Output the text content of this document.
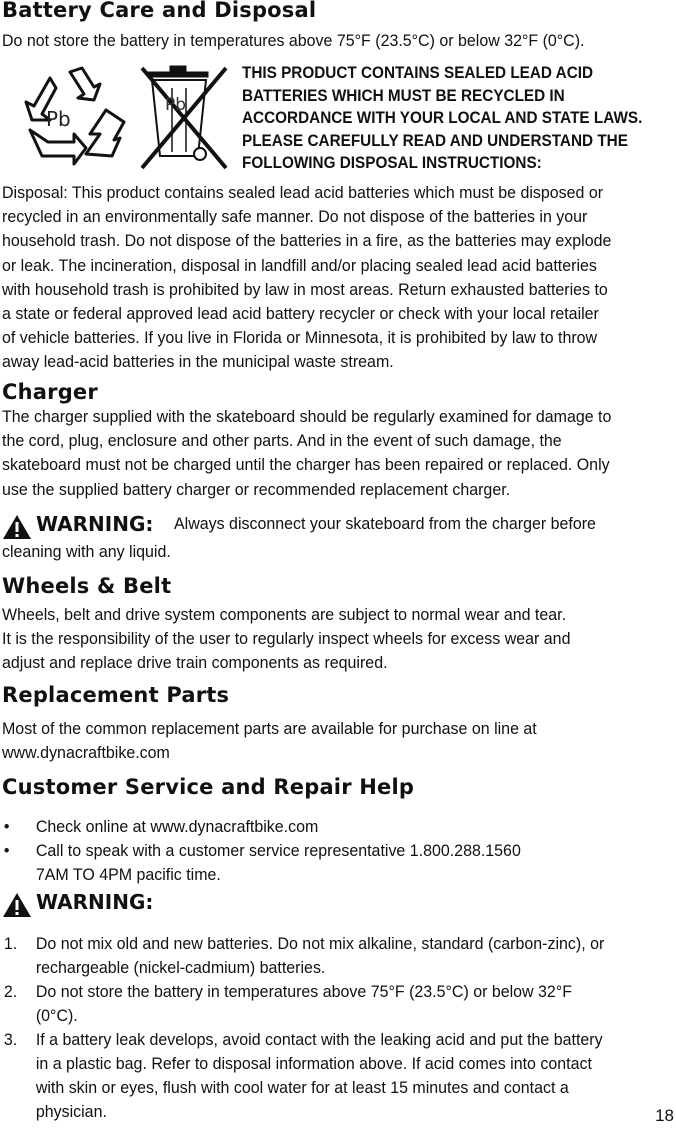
Battery Care and Disposal

Do not store the battery in temperatures above 75°F (23.5°C) or below 32°F (0°C).

Pb
Pb
THIS PRODUCT CONTAINS SEALED LEAD ACID
BATTERIES WHICH MUST BE RECYCLED IN
ACCORDANCE WITH YOUR LOCAL AND STATE LAWS.
PLEASE CAREFULLY READ AND UNDERSTAND THE
FOLLOWING DISPOSAL INSTRUCTIONS:

Disposal: This product contains sealed lead acid batteries which must be disposed or
recycled in an environmentally safe manner. Do not dispose of the batteries in your
household trash. Do not dispose of the batteries in a fire, as the batteries may explode
or leak. The incineration, disposal in landfill and/or placing sealed lead acid batteries
with household trash is prohibited by law in most areas. Return exhausted batteries to
a state or federal approved lead acid battery recycler or check with your local retailer
of vehicle batteries. If you live in Florida or Minnesota, it is prohibited by law to throw
away lead-acid batteries in the municipal waste stream.

Charger

The charger supplied with the skateboard should be regularly examined for damage to
the cord, plug, enclosure and other parts. And in the event of such damage, the
skateboard must not be charged until the charger has been repaired or replaced. Only
use the supplied battery charger or recommended replacement charger.

WARNING: Always disconnect your skateboard from the charger before

cleaning with any liquid.

Wheels & Belt

Wheels, belt and drive system components are subject to normal wear and tear.
It is the responsibility of the user to regularly inspect wheels for excess wear and
adjust and replace drive train components as required.

Replacement Parts

Most of the common replacement parts are available for purchase on line at
www.dynacraftbike.com

Customer Service and Repair Help
• Check online at www.dynacraftbike.com
• Call to speak with a customer service representative 1.800.288.1560
7AM TO 4PM pacific time.
WARNING:
1. Do not mix old and new batteries. Do not mix alkaline, standard (carbon-zinc), or
rechargeable (nickel-cadmium) batteries.
2. Do not store the battery in temperatures above 75°F (23.5°C) or below 32°F
(0°C).
3. If a battery leak develops, avoid contact with the leaking acid and put the battery
in a plastic bag. Refer to disposal information above. If acid comes into contact
with skin or eyes, flush with cool water for at least 15 minutes and contact a
physician.	18
